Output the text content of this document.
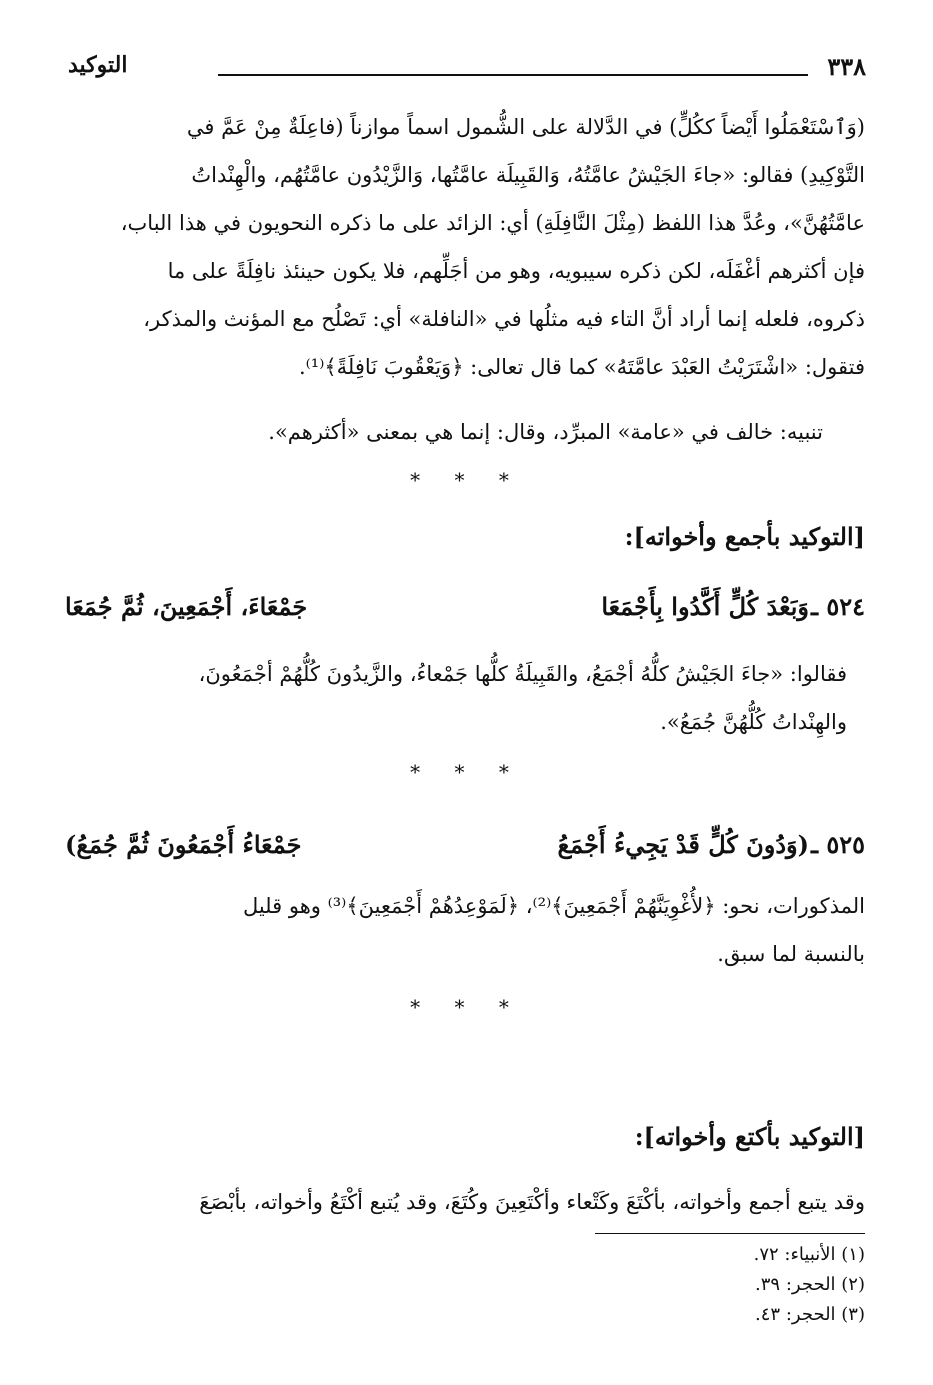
٣٣٨
التوكيد

(وَٱسْتَعْمَلُوا أَيْضاً ككُلٍّ) في الدَّلالة على الشُّمول اسماً موازناً (فاعِلَةٌ مِنْ عَمَّ في

التَّوْكِيدِ) فقالو: «جاءَ الجَيْشُ عامَّتُهُ، وَالقَبِيلَة عامَّتُها، وَالزَّيْدُون عامَّتُهُم، والْهِنْداتُ

عامَّتُهُنَّ»، وعُدَّ هذا اللفظ (مِثْلَ النَّافِلَةِ) أي: الزائد على ما ذكره النحويون في هذا الباب،

فإن أكثرهم أغْفَلَه، لكن ذكره سيبويه، وهو من أجَلِّهم، فلا يكون حينئذ نافِلَةً على ما

ذكروه، فلعله إنما أراد أنَّ التاء فيه مثلُها في «النافلة» أي: تَصْلُح مع المؤنث والمذكر،

فتقول: «اشْتَرَيْتُ العَبْدَ عامَّتَهُ» كما قال تعالى: ﴿وَيَعْقُوبَ نَافِلَةً﴾⁽¹⁾.

تنبيه: خالف في «عامة» المبرِّد، وقال: إنما هي بمعنى «أكثرهم».

* * *
[التوكيد بأجمع وأخواته]:
٥٢٤ ـ
وَبَعْدَ كُلٍّ أَكَّدُوا بِأَجْمَعَا
جَمْعَاءَ، أَجْمَعِينَ، ثُمَّ جُمَعَا

فقالوا: «جاءَ الجَيْشُ كلُّهُ أجْمَعُ، والقَبِيلَةُ كلُّها جَمْعاءُ، والزَّيدُونَ كُلُّهُمْ أجْمَعُونَ،

والهِنْداتُ كُلُّهُنَّ جُمَعُ».

* * *
٥٢٥ ـ
(وَدُونَ كُلٍّ قَدْ يَجِيءُ أَجْمَعُ
جَمْعَاءُ أَجْمَعُونَ ثُمَّ جُمَعُ)

المذكورات، نحو: ﴿لأُغْوِيَنَّهُمْ أَجْمَعِينَ﴾⁽²⁾، ﴿لَمَوْعِدُهُمْ أَجْمَعِينَ﴾⁽³⁾ وهو قليل

بالنسبة لما سبق.

* * *
[التوكيد بأكتع وأخواته]:

وقد يتبع أجمع وأخواته، بأكْتَعَ وكَتْعاء وأكْتَعِينَ وكُتَعَ، وقد يُتبع أكْتَعُ وأخواته، بأبْصَعَ

(١) الأنبياء: ٧٢.
(٢) الحجر: ٣٩.
(٣) الحجر: ٤٣.
